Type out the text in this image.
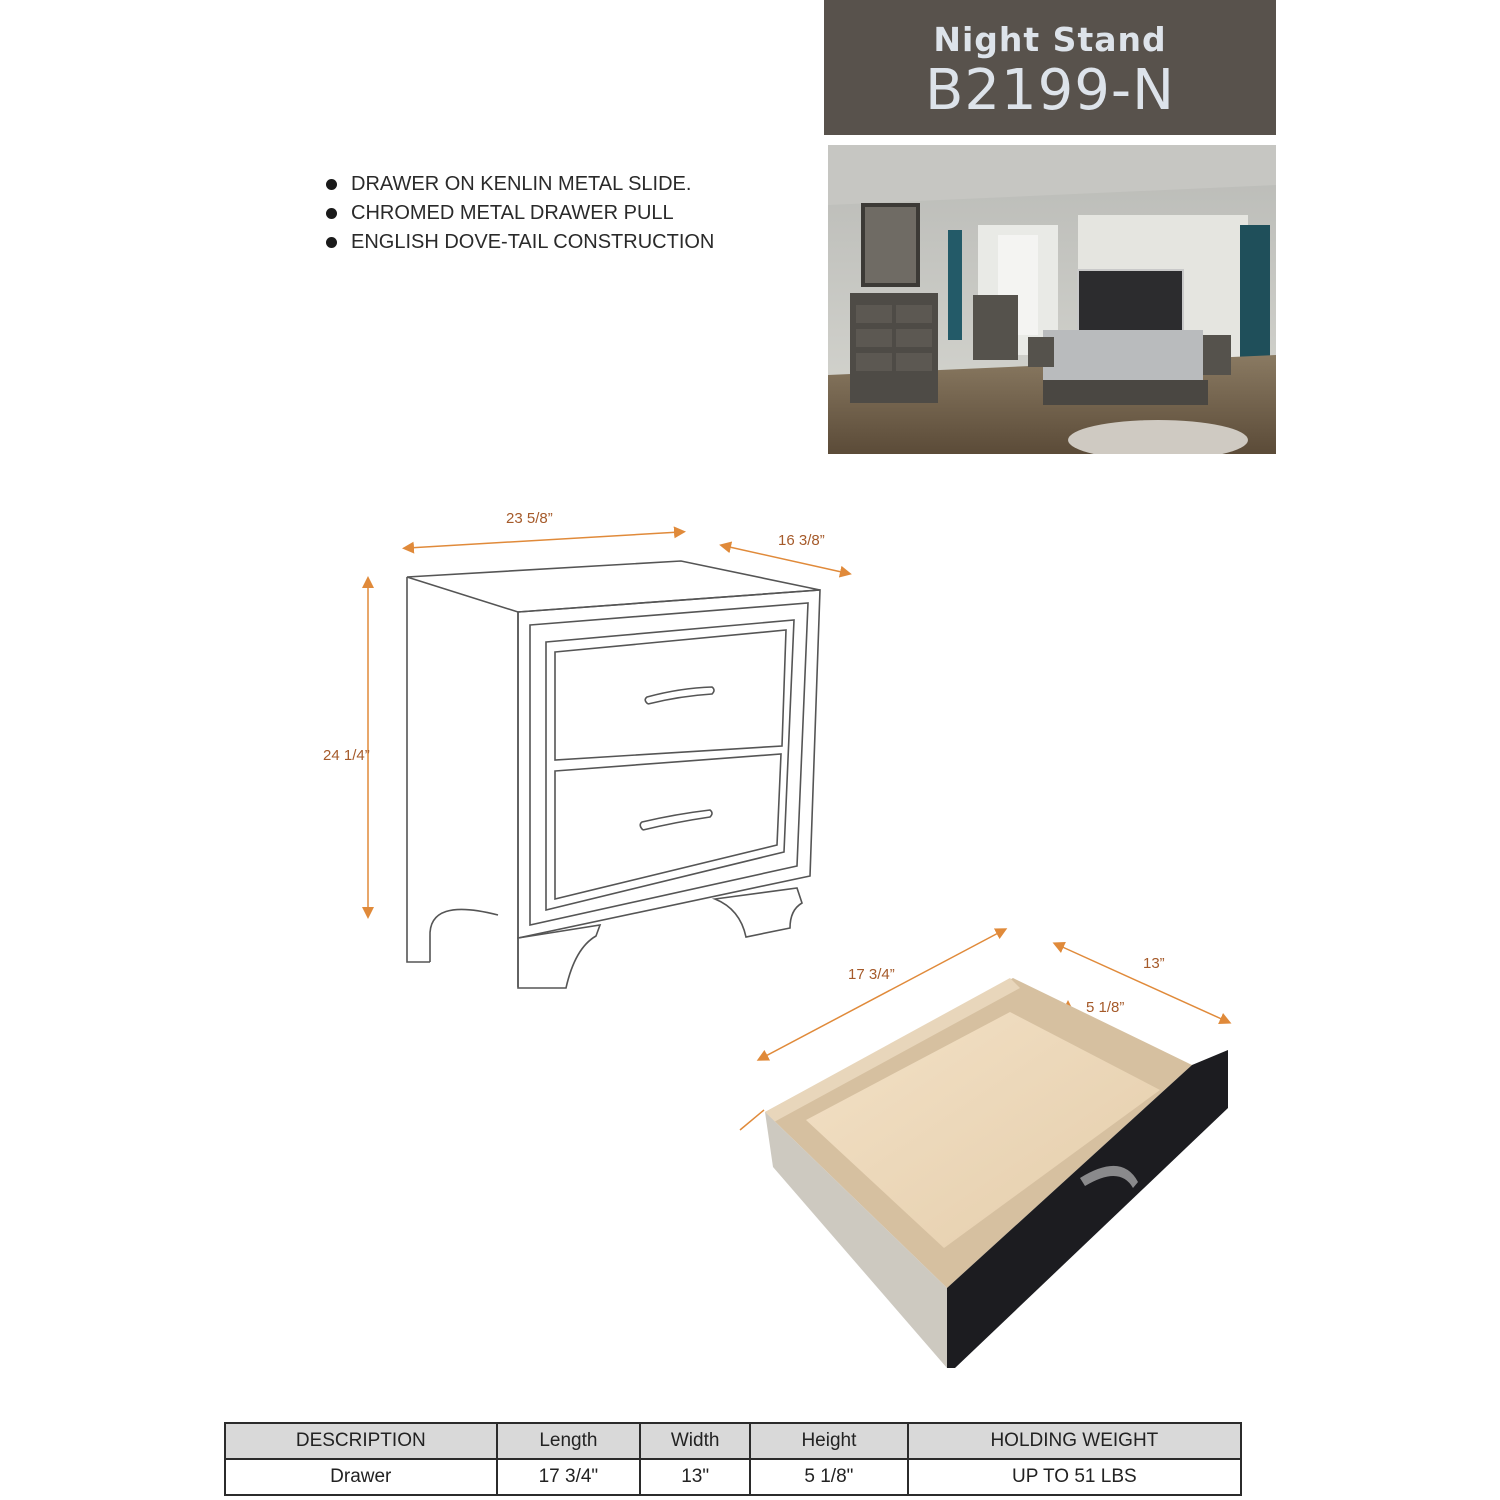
Night Stand
B2199-N
DRAWER ON KENLIN METAL SLIDE.
CHROMED METAL DRAWER PULL
ENGLISH DOVE-TAIL CONSTRUCTION
23 5/8”
16 3/8”
24 1/4”
17 3/4”
13”
5 1/8”
DESCRIPTION	Length	Width	Height	HOLDING WEIGHT
Drawer	17 3/4"	13"	5 1/8"	UP TO 51 LBS
